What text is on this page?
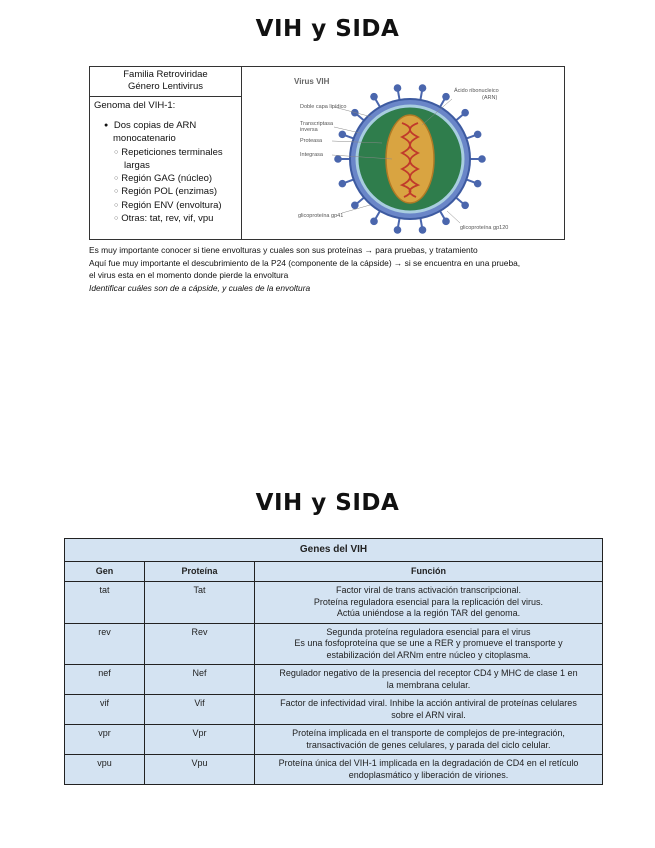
VIH y SIDA
Familia Retroviridae
Género Lentivirus
Genoma del VIH-1:
● Dos copias de ARN
monocatenario
○ Repeticiones terminales
largas
○ Región GAG (núcleo)
○ Región POL (enzimas)
○ Región ENV (envoltura)
○ Otras: tat, rev, vif, vpu
Virus VIH
Doble capa lipídico
Transcriptasa
inversa
Proteasa
Integrasa
Ácido ribonucleico
(ARN)
glicoproteína gp41
glicoproteína gp120
Es muy importante conocer si tiene envolturas y cuales son sus proteínas → para pruebas, y tratamiento
Aquí fue muy importante el descubrimiento de la P24 (componente de la cápside) → si se encuentra en una prueba,
el virus esta en el momento donde pierde la envoltura
Identificar cuáles son de a cápside, y cuales de la envoltura
VIH y SIDA
Genes del VIH		
Gen	Proteína	Función
tat	Tat	Factor viral de trans activación transcripcional.
Proteína reguladora esencial para la replicación del virus.
Actúa uniéndose a la región TAR del genoma.

rev	Rev	Segunda proteína reguladora esencial para el virus
Es una fosfoproteína que se une a RER y promueve el transporte y
estabilización del ARNm entre núcleo y citoplasma.

nef	Nef	Regulador negativo de la presencia del receptor CD4 y MHC de clase 1 en
la membrana celular.

vif	Vif	Factor de infectividad viral. Inhibe la acción antiviral de proteínas celulares
sobre el ARN viral.

vpr	Vpr	Proteína implicada en el transporte de complejos de pre-integración,
transactivación de genes celulares, y parada del ciclo celular.

vpu	Vpu	Proteína única del VIH-1 implicada en la degradación de CD4 en el retículo
endoplasmático y liberación de viriones.
